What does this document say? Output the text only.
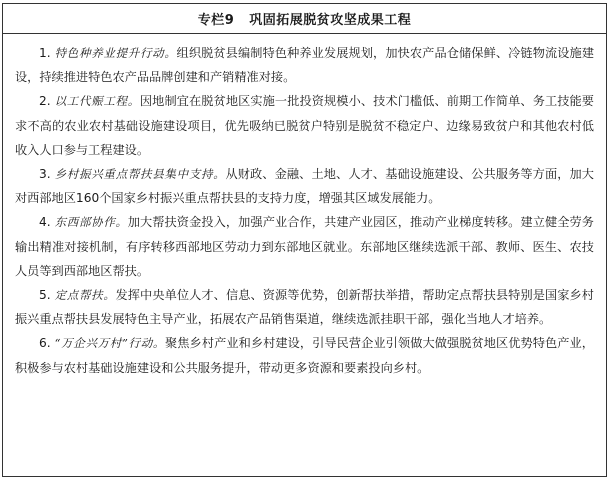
专栏9   巩固拓展脱贫攻坚成果工程

1. 特色种养业提升行动。组织脱贫县编制特色种养业发展规划，加快农产品仓储保鲜、冷链物流设施建设，持续推进特色农产品品牌创建和产销精准对接。

2. 以工代赈工程。因地制宜在脱贫地区实施一批投资规模小、技术门槛低、前期工作简单、务工技能要求不高的农业农村基础设施建设项目，优先吸纳已脱贫户特别是脱贫不稳定户、边缘易致贫户和其他农村低收入人口参与工程建设。

3. 乡村振兴重点帮扶县集中支持。从财政、金融、土地、人才、基础设施建设、公共服务等方面，加大对西部地区160个国家乡村振兴重点帮扶县的支持力度，增强其区域发展能力。

4. 东西部协作。加大帮扶资金投入，加强产业合作，共建产业园区，推动产业梯度转移。建立健全劳务输出精准对接机制，有序转移西部地区劳动力到东部地区就业。东部地区继续选派干部、教师、医生、农技人员等到西部地区帮扶。

5. 定点帮扶。发挥中央单位人才、信息、资源等优势，创新帮扶举措，帮助定点帮扶县特别是国家乡村振兴重点帮扶县发展特色主导产业，拓展农产品销售渠道，继续选派挂职干部，强化当地人才培养。

6. “万企兴万村”行动。聚焦乡村产业和乡村建设，引导民营企业引领做大做强脱贫地区优势特色产业，积极参与农村基础设施建设和公共服务提升，带动更多资源和要素投向乡村。
